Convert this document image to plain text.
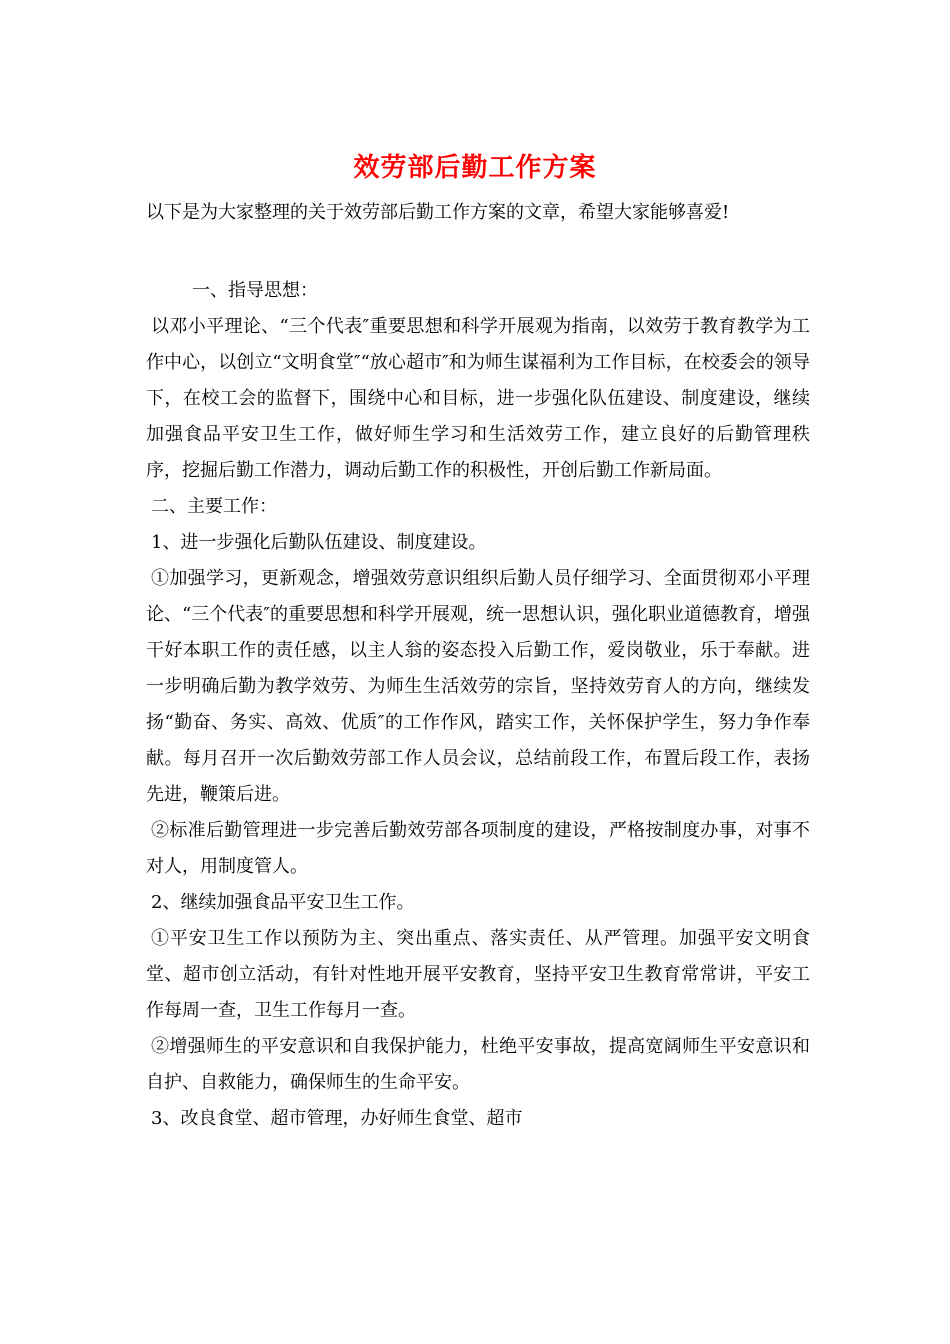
效劳部后勤工作方案
以下是为大家整理的关于效劳部后勤工作方案的文章，希望大家能够喜爱!

一、指导思想：

以邓小平理论、“三个代表″重要思想和科学开展观为指南，以效劳于教育教学为工作中心，以创立“文明食堂″“放心超市″和为师生谋福利为工作目标，在校委会的领导下，在校工会的监督下，围绕中心和目标，进一步强化队伍建设、制度建设，继续加强食品平安卫生工作，做好师生学习和生活效劳工作，建立良好的后勤管理秩序，挖掘后勤工作潜力，调动后勤工作的积极性，开创后勤工作新局面。

二、主要工作：

1、进一步强化后勤队伍建设、制度建设。

①加强学习，更新观念，增强效劳意识组织后勤人员仔细学习、全面贯彻邓小平理论、“三个代表″的重要思想和科学开展观，统一思想认识，强化职业道德教育，增强干好本职工作的责任感，以主人翁的姿态投入后勤工作，爱岗敬业，乐于奉献。进一步明确后勤为教学效劳、为师生生活效劳的宗旨，坚持效劳育人的方向，继续发扬“勤奋、务实、高效、优质″的工作作风，踏实工作，关怀保护学生，努力争作奉献。每月召开一次后勤效劳部工作人员会议，总结前段工作，布置后段工作，表扬先进，鞭策后进。

②标准后勤管理进一步完善后勤效劳部各项制度的建设，严格按制度办事，对事不对人，用制度管人。

2、继续加强食品平安卫生工作。

①平安卫生工作以预防为主、突出重点、落实责任、从严管理。加强平安文明食堂、超市创立活动，有针对性地开展平安教育，坚持平安卫生教育常常讲，平安工作每周一查，卫生工作每月一查。

②增强师生的平安意识和自我保护能力，杜绝平安事故，提高宽阔师生平安意识和自护、自救能力，确保师生的生命平安。

3、改良食堂、超市管理，办好师生食堂、超市
